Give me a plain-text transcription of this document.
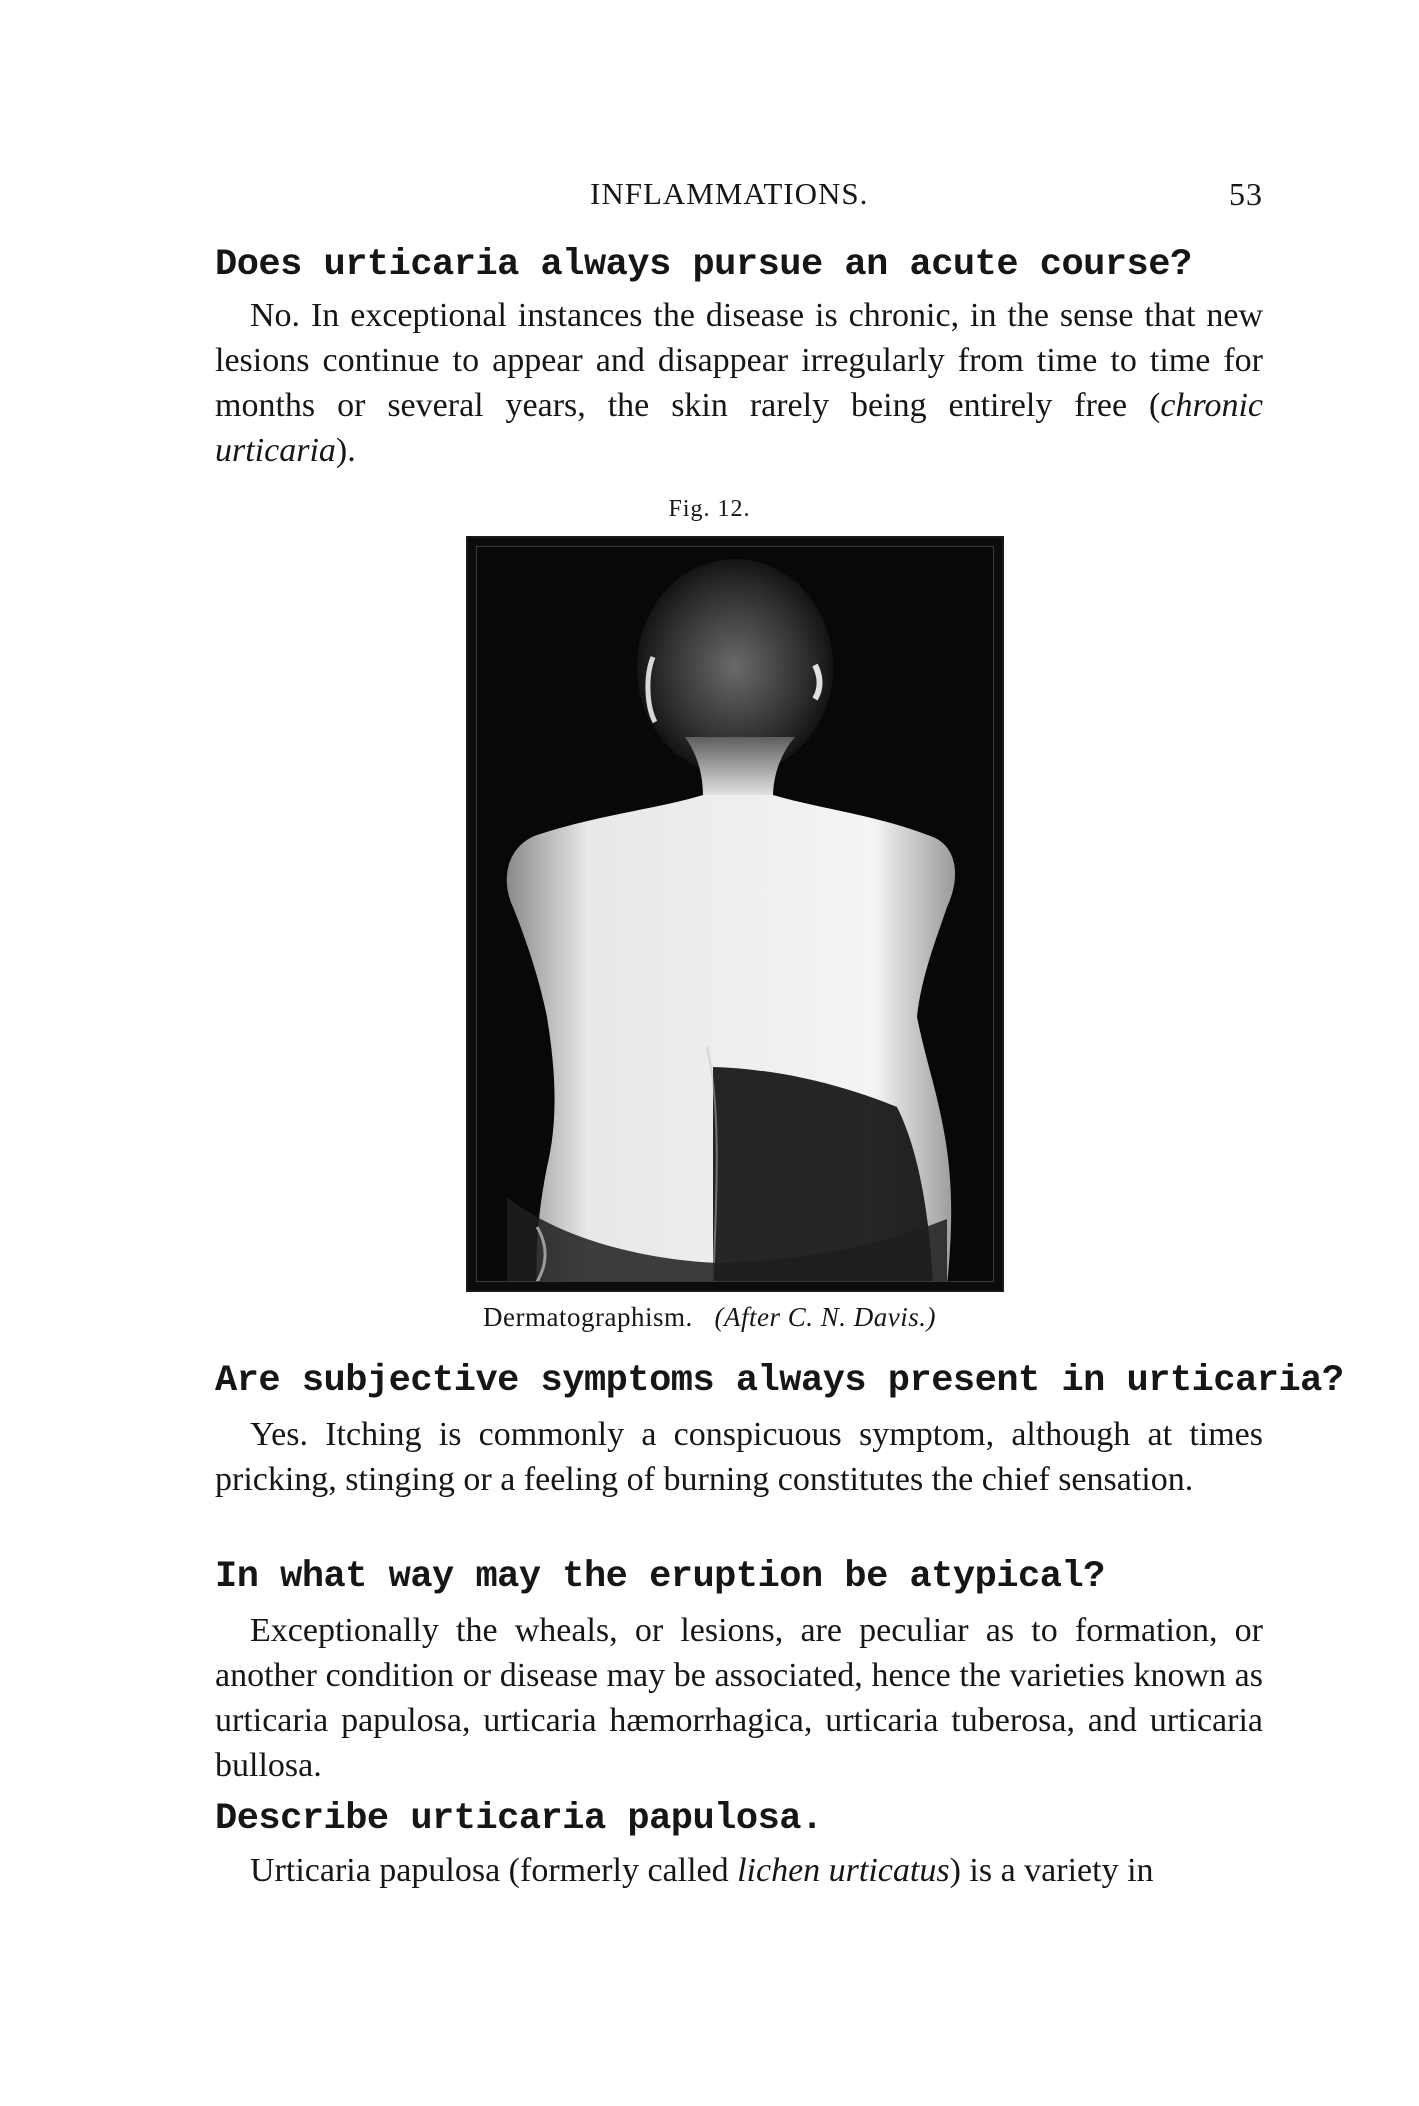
INFLAMMATIONS.	53
Does urticaria always pursue an acute course?
No. In exceptional instances the disease is chronic, in the sense that new lesions continue to appear and disappear irregularly from time to time for months or several years, the skin rarely being entirely free (chronic urticaria).
Fig. 12.
Dermatographism. (After C. N. Davis.)
Are subjective symptoms always present in urticaria?
Yes. Itching is commonly a conspicuous symptom, although at times pricking, stinging or a feeling of burning constitutes the chief sensation.
In what way may the eruption be atypical?
Exceptionally the wheals, or lesions, are peculiar as to formation, or another condition or disease may be associated, hence the varieties known as urticaria papulosa, urticaria hæmorrhagica, urticaria tuberosa, and urticaria bullosa.
Describe urticaria papulosa.
Urticaria papulosa (formerly called lichen urticatus) is a variety in
